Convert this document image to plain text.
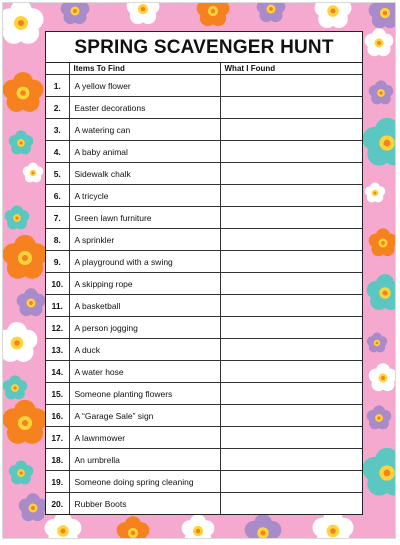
SPRING SCAVENGER HUNT
	Items To Find	What I Found
1.	A yellow flower	
2.	Easter decorations	
3.	A watering can	
4.	A baby animal	
5.	Sidewalk chalk	
6.	A tricycle	
7.	Green lawn furniture	
8.	A sprinkler	
9.	A playground with a swing	
10.	A skipping rope	
11.	A basketball	
12.	A person jogging	
13.	A duck	
14.	A water hose	
15.	Someone planting flowers	
16.	A “Garage Sale” sign	
17.	A lawnmower	
18.	An umbrella	
19.	Someone doing spring cleaning	
20.	Rubber Boots	
